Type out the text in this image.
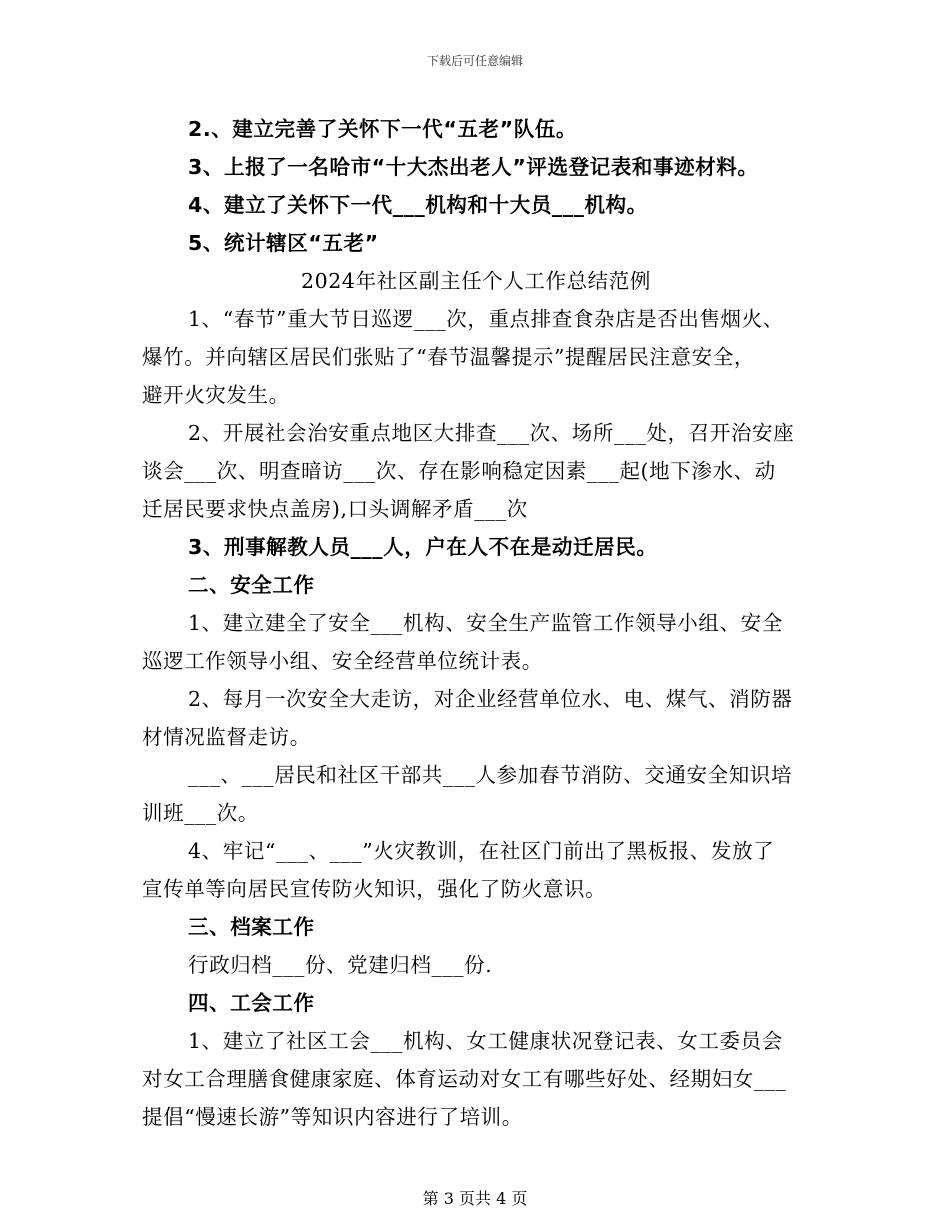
下载后可任意编辑
2.、建立完善了关怀下一代“五老”队伍。
3、上报了一名哈市“十大杰出老人”评选登记表和事迹材料。
4、建立了关怀下一代___机构和十大员___机构。
5、统计辖区“五老”
2024年社区副主任个人工作总结范例
1、“春节”重大节日巡逻___次，重点排查食杂店是否出售烟火、
爆竹。并向辖区居民们张贴了“春节温馨提示”提醒居民注意安全，
避开火灾发生。
2、开展社会治安重点地区大排查___次、场所___处，召开治安座
谈会___次、明查暗访___次、存在影响稳定因素___起(地下渗水、动
迁居民要求快点盖房),口头调解矛盾___次
3、刑事解教人员___人，户在人不在是动迁居民。
二、安全工作
1、建立建全了安全___机构、安全生产监管工作领导小组、安全
巡逻工作领导小组、安全经营单位统计表。
2、每月一次安全大走访，对企业经营单位水、电、煤气、消防器
材情况监督走访。
___、___居民和社区干部共___人参加春节消防、交通安全知识培
训班___次。
4、牢记“___、___”火灾教训，在社区门前出了黑板报、发放了
宣传单等向居民宣传防火知识，强化了防火意识。
三、档案工作
行政归档___份、党建归档___份.
四、工会工作
1、建立了社区工会___机构、女工健康状况登记表、女工委员会
对女工合理膳食健康家庭、体育运动对女工有哪些好处、经期妇女___
提倡“慢速长游”等知识内容进行了培训。
第 3 页共 4 页
